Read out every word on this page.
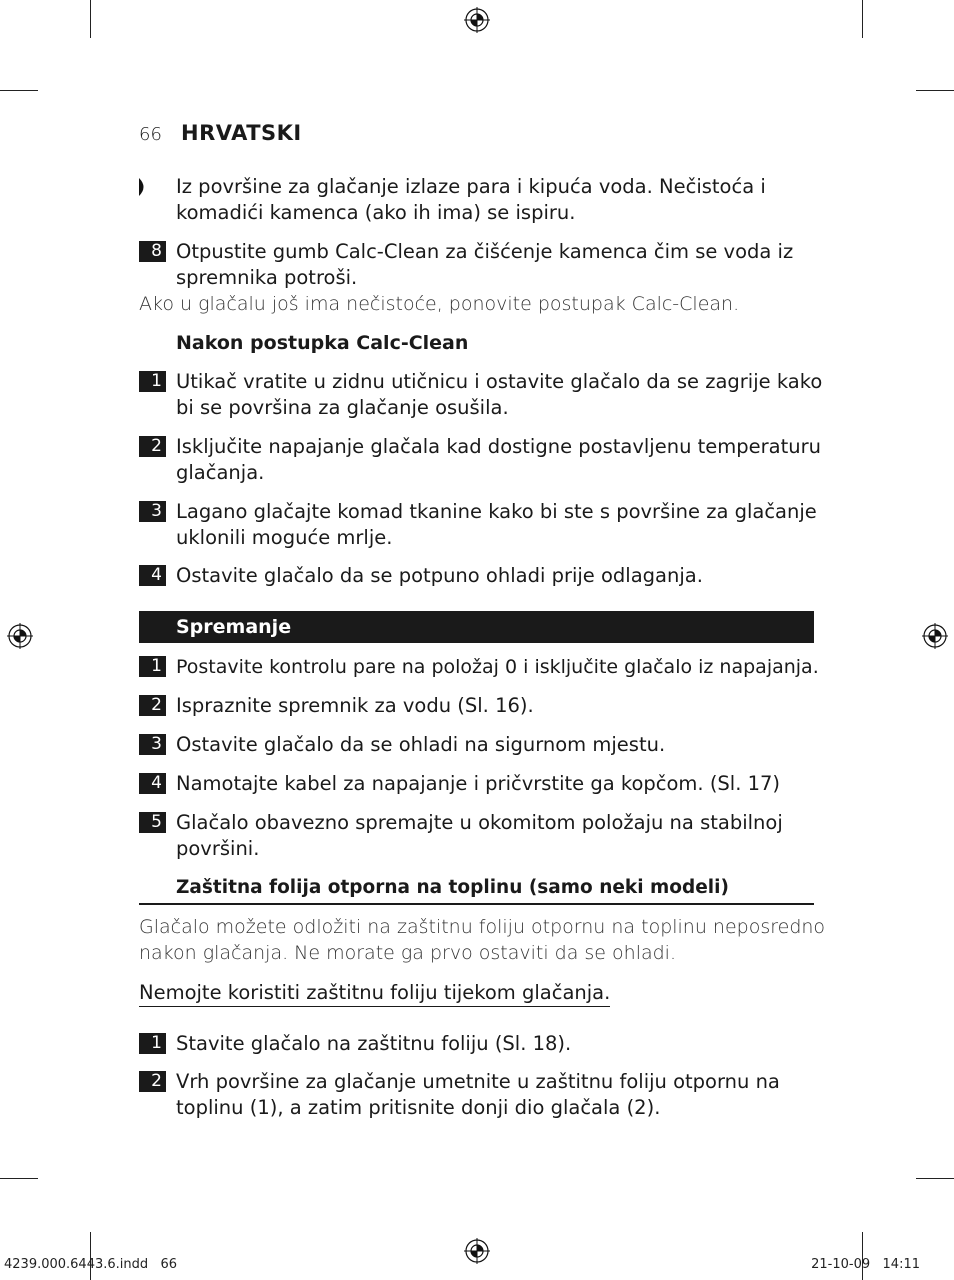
66 HRVATSKI
Iz površine za glačanje izlaze para i kipuća voda. Nečistoća i
komadići kamenca (ako ih ima) se ispiru.
8 Otpustite gumb Calc-Clean za čišćenje kamenca čim se voda iz
spremnika potroši.
Ako u glačalu još ima nečistoće, ponovite postupak Calc-Clean.
Nakon postupka Calc-Clean
1 Utikač vratite u zidnu utičnicu i ostavite glačalo da se zagrije kako
bi se površina za glačanje osušila.
2 Isključite napajanje glačala kad dostigne postavljenu temperaturu
glačanja.
3 Lagano glačajte komad tkanine kako bi ste s površine za glačanje
uklonili moguće mrlje.
4 Ostavite glačalo da se potpuno ohladi prije odlaganja.
Spremanje
1 Postavite kontrolu pare na položaj 0 i isključite glačalo iz napajanja.
2 Ispraznite spremnik za vodu (Sl. 16).
3 Ostavite glačalo da se ohladi na sigurnom mjestu.
4 Namotajte kabel za napajanje i pričvrstite ga kopčom. (Sl. 17)
5 Glačalo obavezno spremajte u okomitom položaju na stabilnoj
površini.
Zaštitna folija otporna na toplinu (samo neki modeli)
Glačalo možete odložiti na zaštitnu foliju otpornu na toplinu neposredno
nakon glačanja. Ne morate ga prvo ostaviti da se ohladi.
Nemojte koristiti zaštitnu foliju tijekom glačanja.
1 Stavite glačalo na zaštitnu foliju (Sl. 18).
2 Vrh površine za glačanje umetnite u zaštitnu foliju otpornu na
toplinu (1), a zatim pritisnite donji dio glačala (2).
4239.000.6443.6.indd   66	21-10-09   14:11
